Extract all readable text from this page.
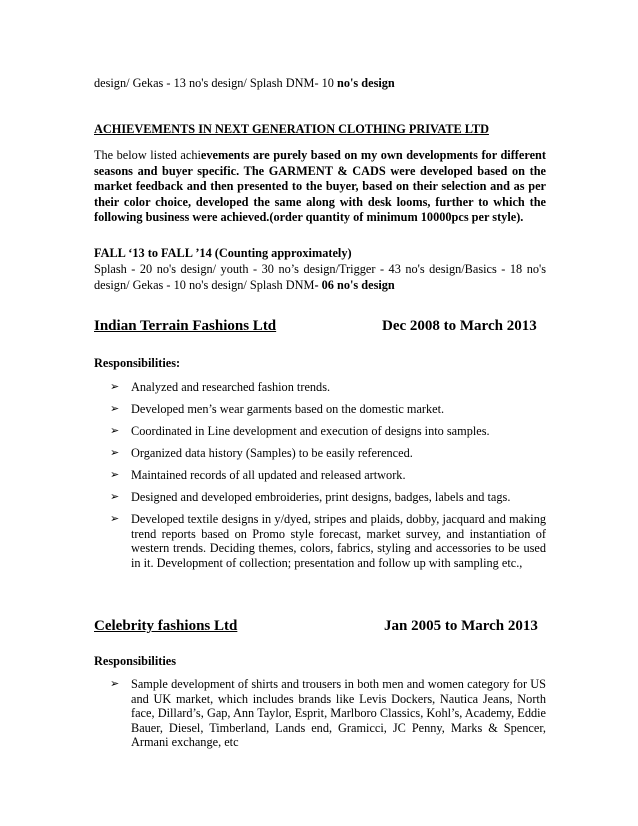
design/ Gekas - 13 no's design/ Splash DNM- 10 no's design
ACHIEVEMENTS IN NEXT GENERATION CLOTHING PRIVATE LTD
The below listed achievements are purely based on my own developments for different seasons and buyer specific. The GARMENT & CADS were developed based on the market feedback and then presented to the buyer, based on their selection and as per their color choice, developed the same along with desk looms, further to which the following business were achieved.(order quantity of minimum 10000pcs per style).
FALL ‘13 to FALL ’14 (Counting approximately)
Splash - 20 no's design/ youth - 30 no’s design/Trigger - 43 no's design/Basics - 18 no's design/ Gekas - 10 no's design/ Splash DNM- 06 no's design
Indian Terrain Fashions Ltd	Dec 2008 to March 2013
Responsibilities:
➢ Analyzed and researched fashion trends.
➢ Developed men’s wear garments based on the domestic market.
➢ Coordinated in Line development and execution of designs into samples.
➢ Organized data history (Samples) to be easily referenced.
➢ Maintained records of all updated and released artwork.
➢ Designed and developed embroideries, print designs, badges, labels and tags.
➢ Developed textile designs in y/dyed, stripes and plaids, dobby, jacquard and making trend reports based on Promo style forecast, market survey, and instantiation of western trends. Deciding themes, colors, fabrics, styling and accessories to be used in it. Development of collection; presentation and follow up with sampling etc.,
Celebrity fashions Ltd	Jan 2005 to March 2013
Responsibilities
➢ Sample development of shirts and trousers in both men and women category for US and UK market, which includes brands like Levis Dockers, Nautica Jeans, North face, Dillard’s, Gap, Ann Taylor, Esprit, Marlboro Classics, Kohl’s, Academy, Eddie Bauer, Diesel, Timberland, Lands end, Gramicci, JC Penny, Marks & Spencer, Armani exchange, etc
